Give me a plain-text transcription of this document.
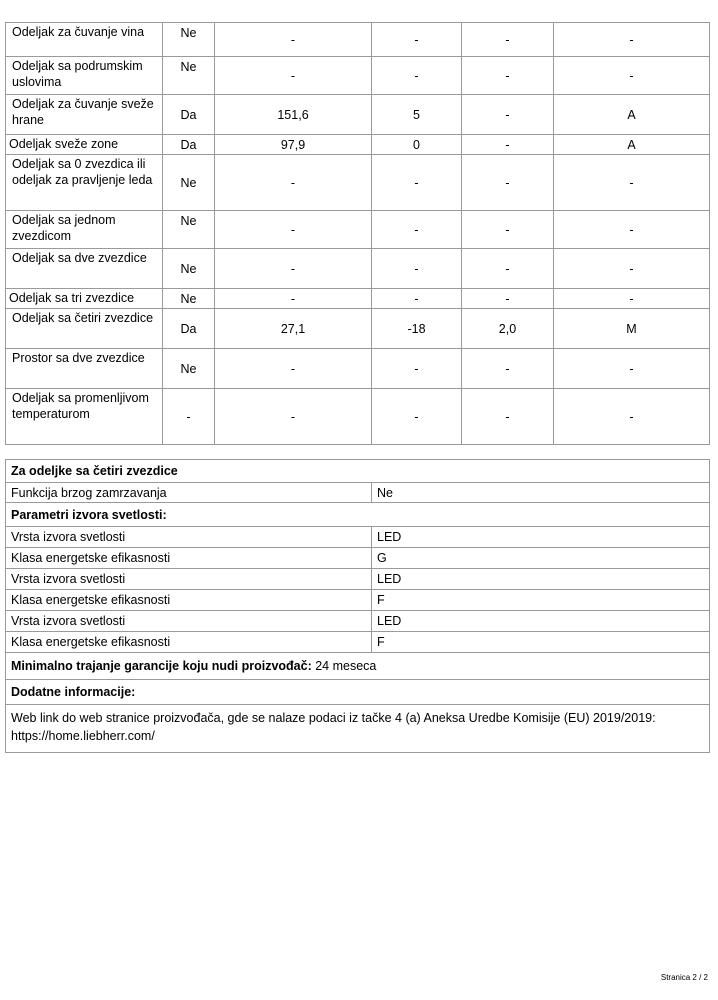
Odeljak za čuvanje vina	Ne	-	-	-	-
Odeljak sa podrumskim uslovima	Ne	-	-	-	-
Odeljak za čuvanje sveže hrane	Da	151,6	5	-	A
Odeljak sveže zone	Da	97,9	0	-	A
Odeljak sa 0 zvezdica ili odeljak za pravljenje leda	Ne	-	-	-	-
Odeljak sa jednom zvezdicom	Ne	-	-	-	-
Odeljak sa dve zvezdice	Ne	-	-	-	-
Odeljak sa tri zvezdice	Ne	-	-	-	-
Odeljak sa četiri zvezdice	Da	27,1	-18	2,0	M
Prostor sa dve zvezdice	Ne	-	-	-	-
Odeljak sa promenljivom temperaturom	-	-	-	-	-
Za odeljke sa četiri zvezdice	
Funkcija brzog zamrzavanja	Ne
Parametri izvora svetlosti:	
Vrsta izvora svetlosti	LED
Klasa energetske efikasnosti	G
Vrsta izvora svetlosti	LED
Klasa energetske efikasnosti	F
Vrsta izvora svetlosti	LED
Klasa energetske efikasnosti	F
Minimalno trajanje garancije koju nudi proizvođač: 24 meseca	
Dodatne informacije:	
Web link do web stranice proizvođača, gde se nalaze podaci iz tačke 4 (a) Aneksa Uredbe Komisije (EU) 2019/2019: https://home.liebherr.com/	
Stranica 2 / 2
